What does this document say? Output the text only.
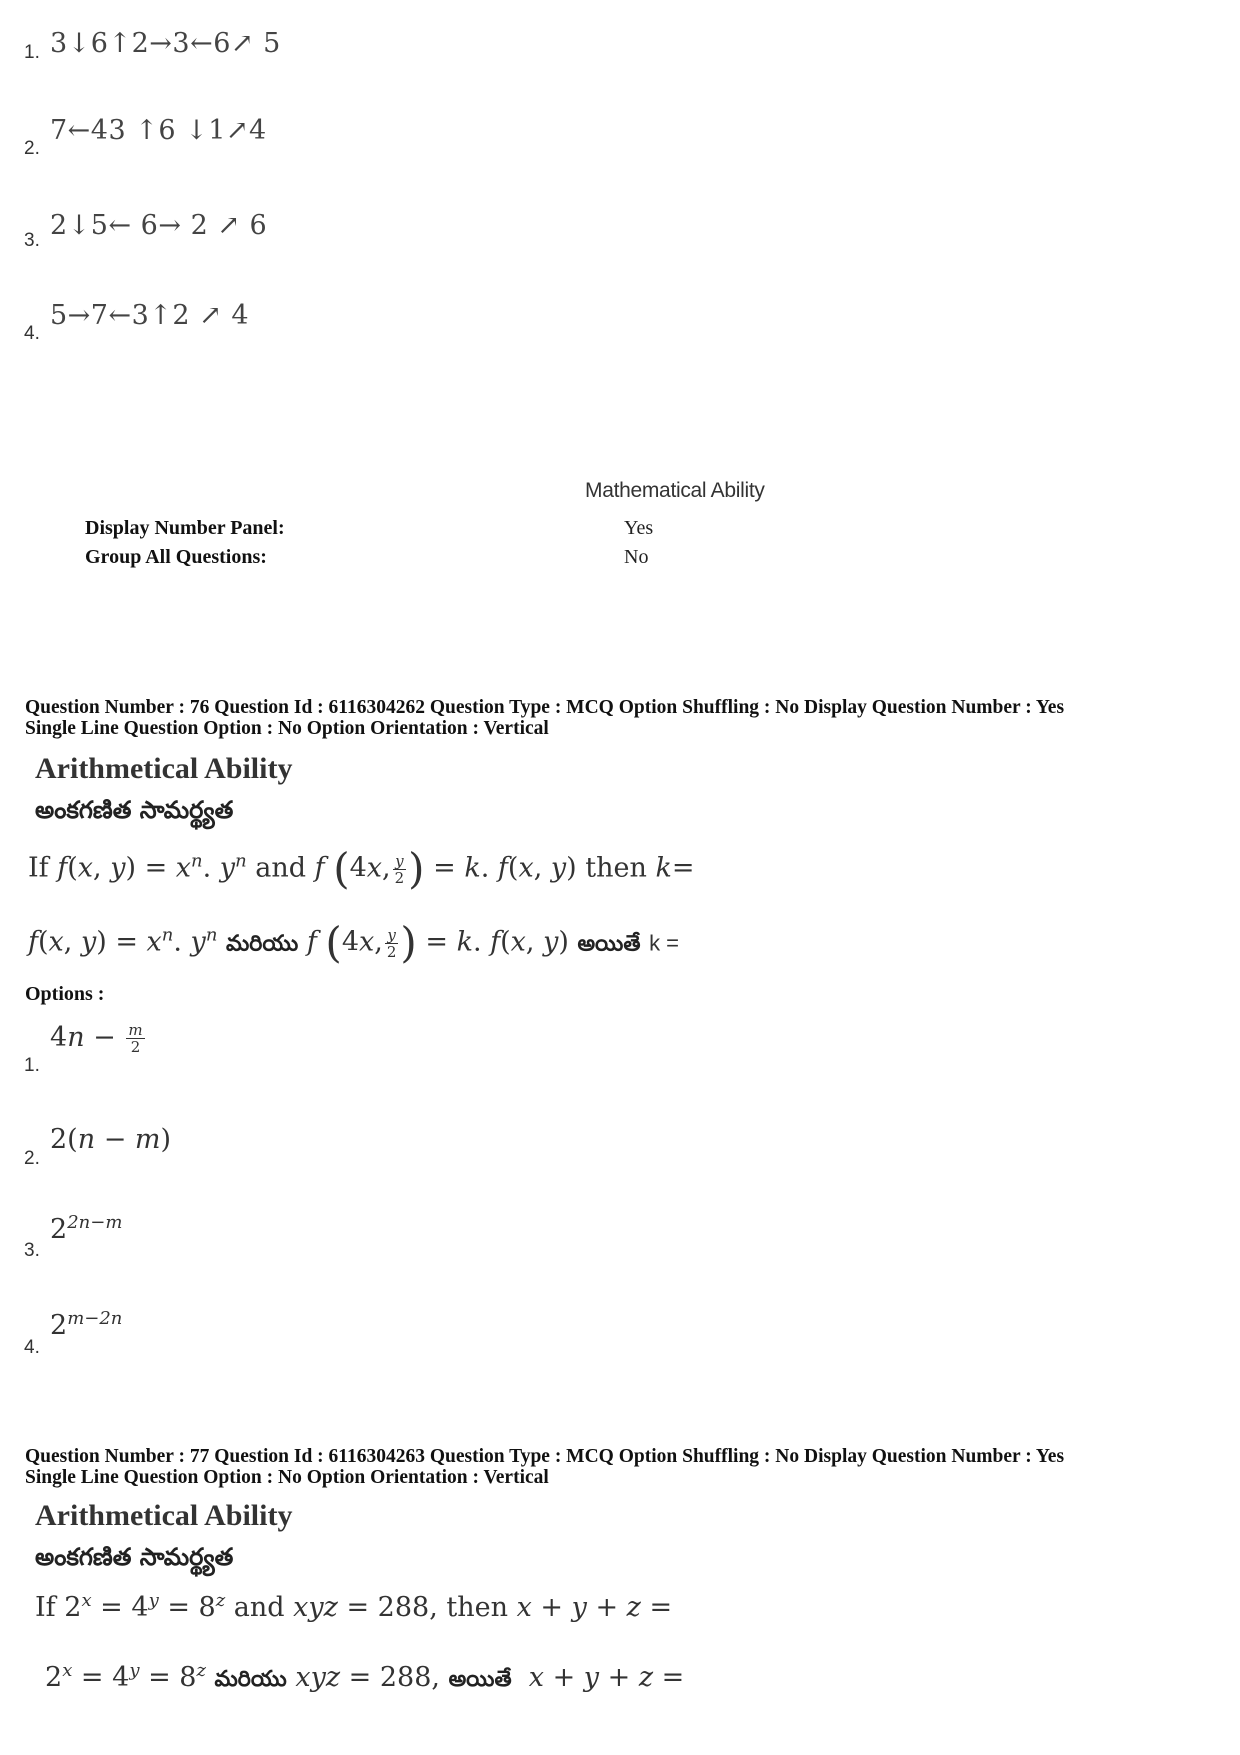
1. 3↓6↑2→3←6↗ 5
2.
7←43 ↑6 ↓1↗4
3. 2↓5← 6→ 2 ↗ 6
4.
5→7←3↑2 ↗ 4
Mathematical Ability
Display Number Panel:	Yes
Group All Questions:	No
Question Number : 76 Question Id : 6116304262 Question Type : MCQ Option Shuffling : No Display Question Number : Yes
Single Line Question Option : No Option Orientation : Vertical
Arithmetical Ability
అంకగణిత సామర్థ్యత
If f(x, $y) = x^n$. $y^n$ and f (4x, $\frac{y}{2}$ ) = k. f(x, y) then k=
f(x, $y) = x^n$. $y^n$ మరియు f (4x, $\frac{y}{2}$ ) = k. f(x, y) అయితే k =
Options :
1.
$4n - \frac{m}{2}$
2.
2(n − m)
3.
$2^{2n-m}$
4.
$2^{m-2n}$
Question Number : 77 Question Id : 6116304263 Question Type : MCQ Option Shuffling : No Display Question Number : Yes
Single Line Question Option : No Option Orientation : Vertical
Arithmetical Ability
అంకగణిత సామర్థ్యత
If $2^x = 4^y = 8^z$ and xyz = 288, then x + y + z =
$2^x = 4^y = 8^z$ మరియు xyz = 288, అయితే x + y + z =
